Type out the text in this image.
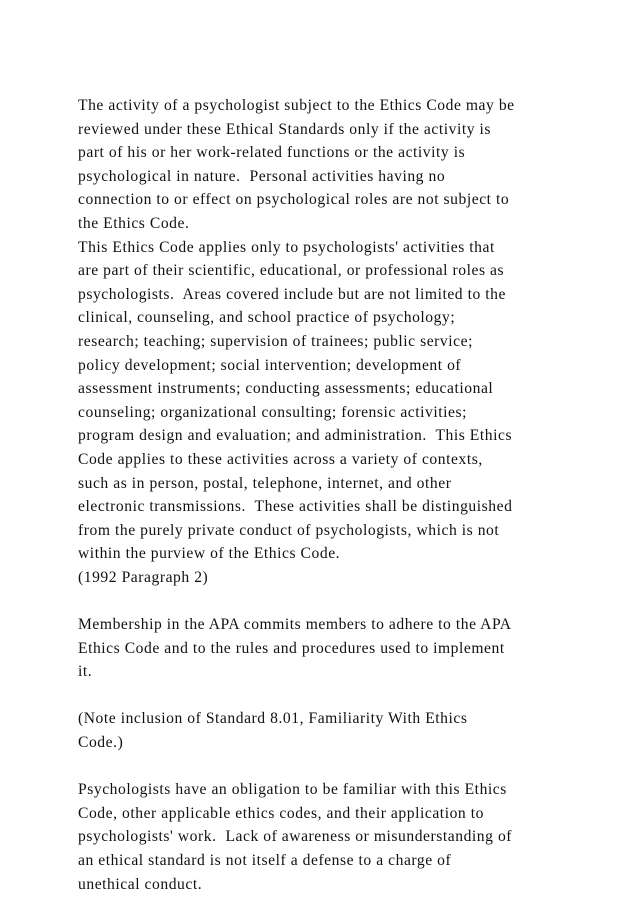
The activity of a psychologist subject to the Ethics Code may be
reviewed under these Ethical Standards only if the activity is
part of his or her work-related functions or the activity is
psychological in nature.  Personal activities having no
connection to or effect on psychological roles are not subject to
the Ethics Code.
This Ethics Code applies only to psychologists' activities that
are part of their scientific, educational, or professional roles as
psychologists.  Areas covered include but are not limited to the
clinical, counseling, and school practice of psychology;
research; teaching; supervision of trainees; public service;
policy development; social intervention; development of
assessment instruments; conducting assessments; educational
counseling; organizational consulting; forensic activities;
program design and evaluation; and administration.  This Ethics
Code applies to these activities across a variety of contexts,
such as in person, postal, telephone, internet, and other
electronic transmissions.  These activities shall be distinguished
from the purely private conduct of psychologists, which is not
within the purview of the Ethics Code.
(1992 Paragraph 2)
Membership in the APA commits members to adhere to the APA
Ethics Code and to the rules and procedures used to implement
it.
(Note inclusion of Standard 8.01, Familiarity With Ethics
Code.)
Psychologists have an obligation to be familiar with this Ethics
Code, other applicable ethics codes, and their application to
psychologists' work.  Lack of awareness or misunderstanding of
an ethical standard is not itself a defense to a charge of
unethical conduct.
